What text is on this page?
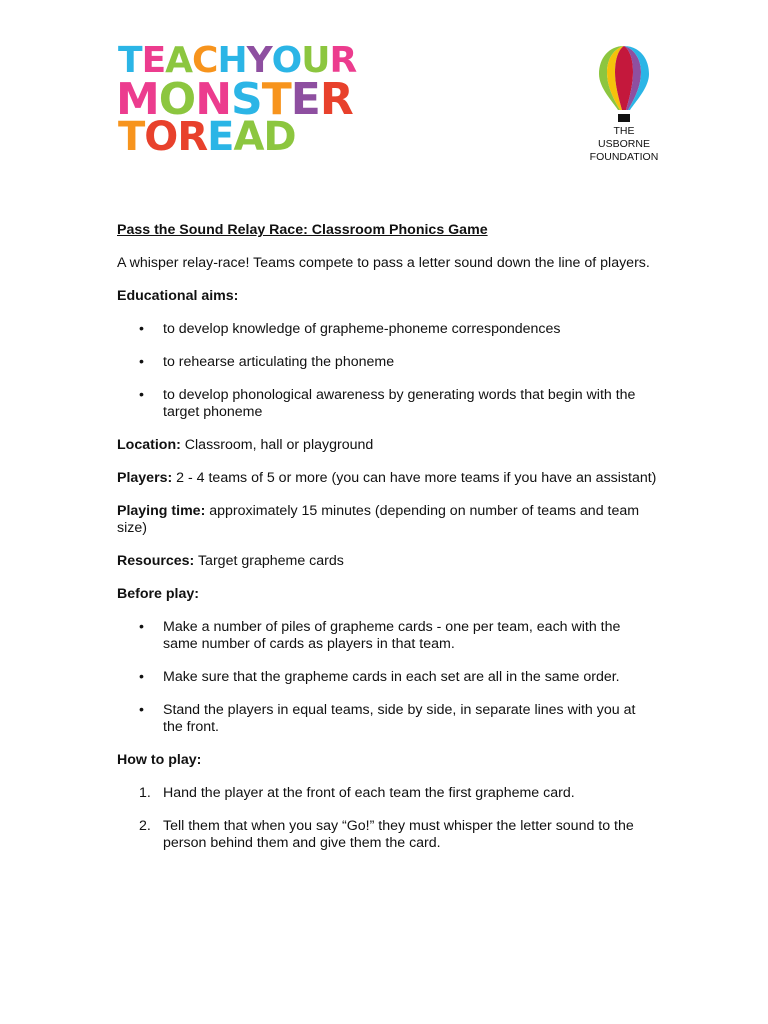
TEACHYOUR
MONSTER
TOREAD	THE
USBORNE
FOUNDATION

Pass the Sound Relay Race: Classroom Phonics Game

A whisper relay-race! Teams compete to pass a letter sound down the line of players.

Educational aims:

• to develop knowledge of grapheme-phoneme correspondences
• to rehearse articulating the phoneme
• to develop phonological awareness by generating words that begin with the target phoneme

Location: Classroom, hall or playground

Players: 2 - 4 teams of 5 or more (you can have more teams if you have an assistant)

Playing time: approximately 15 minutes (depending on number of teams and team size)

Resources: Target grapheme cards

Before play:

• Make a number of piles of grapheme cards - one per team, each with the same number of cards as players in that team.
• Make sure that the grapheme cards in each set are all in the same order.
• Stand the players in equal teams, side by side, in separate lines with you at the front.

How to play:

1. Hand the player at the front of each team the first grapheme card.
2. Tell them that when you say “Go!” they must whisper the letter sound to the person behind them and give them the card.
